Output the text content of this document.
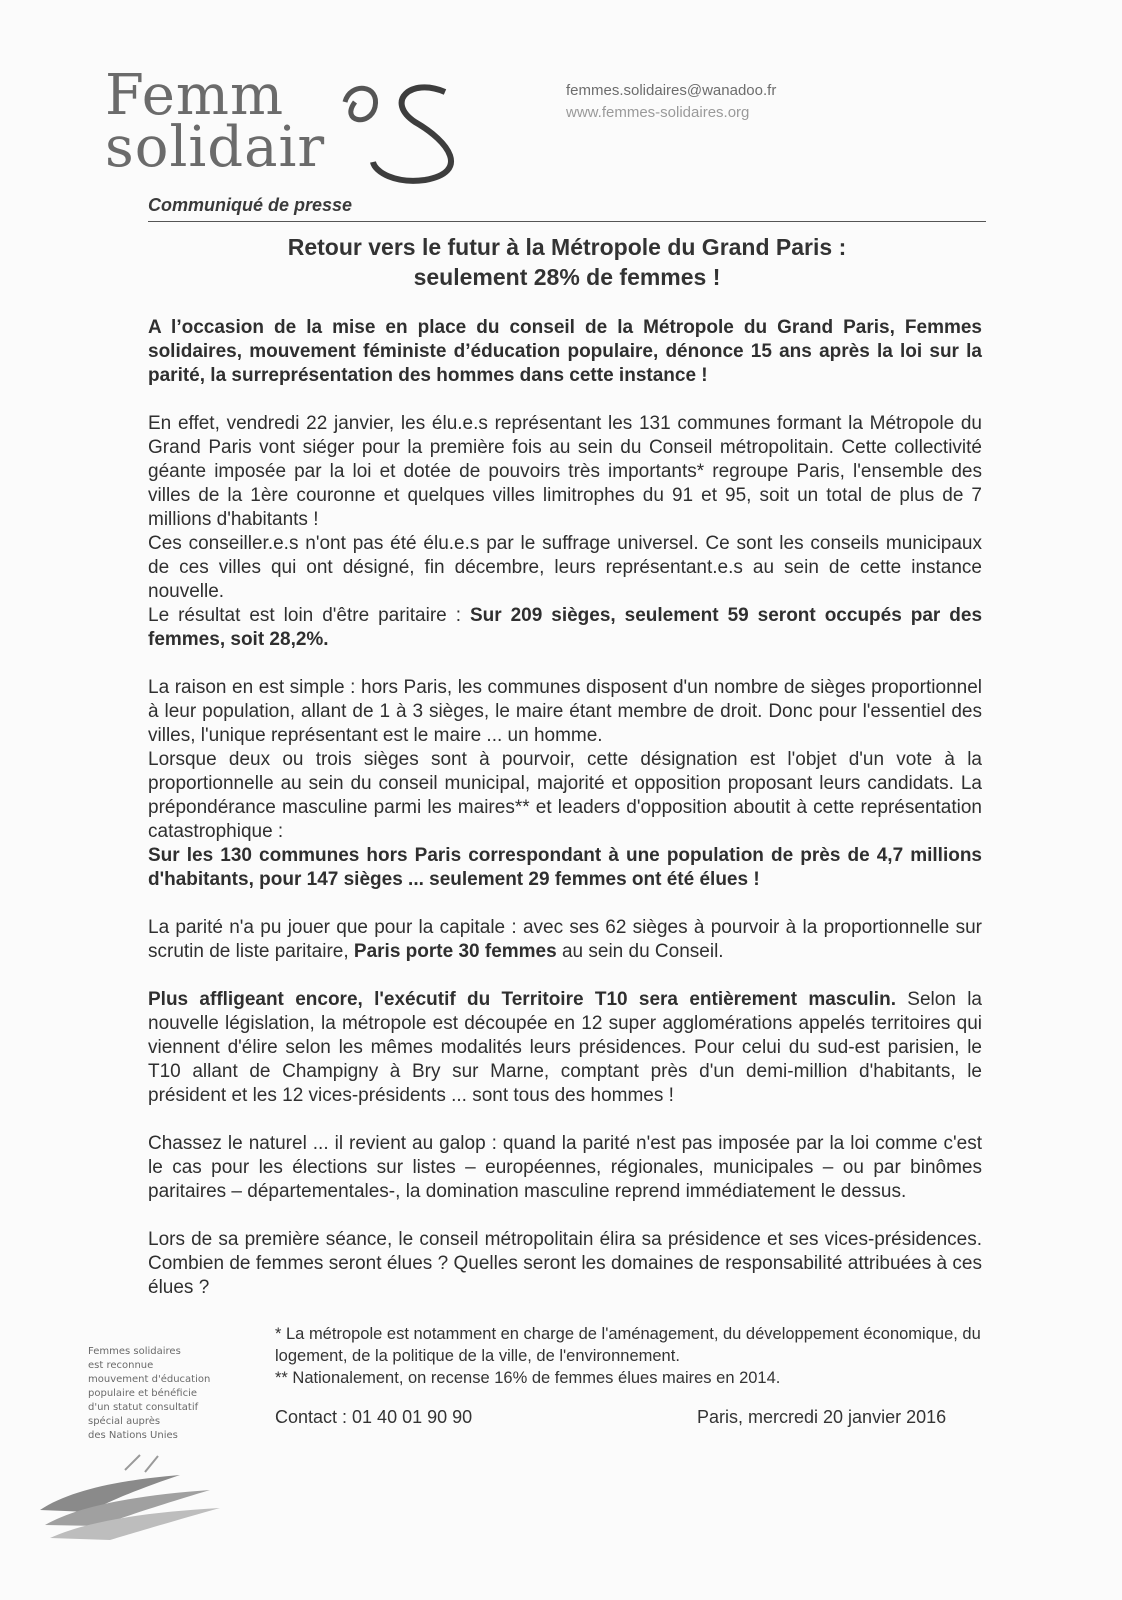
Femm
solidair
femmes.solidaires@wanadoo.fr
www.femmes-solidaires.org
Communiqué de presse
Retour vers le futur à la Métropole du Grand Paris :
seulement 28% de femmes !

A l’occasion de la mise en place du conseil de la Métropole du Grand Paris, Femmes solidaires, mouvement féministe d’éducation populaire, dénonce 15 ans après la loi sur la parité, la surreprésentation des hommes dans cette instance !

En effet, vendredi 22 janvier, les élu.e.s représentant les 131 communes formant la Métropole du Grand Paris vont siéger pour la première fois au sein du Conseil métropolitain. Cette collectivité géante imposée par la loi et dotée de pouvoirs très importants* regroupe Paris, l'ensemble des villes de la 1ère couronne et quelques villes limitrophes du 91 et 95, soit un total de plus de 7 millions d'habitants !

Ces conseiller.e.s n'ont pas été élu.e.s par le suffrage universel. Ce sont les conseils municipaux de ces villes qui ont désigné, fin décembre, leurs représentant.e.s au sein de cette instance nouvelle.

Le résultat est loin d'être paritaire : Sur 209 sièges, seulement 59 seront occupés par des femmes, soit 28,2%.

La raison en est simple : hors Paris, les communes disposent d'un nombre de sièges proportionnel à leur population, allant de 1 à 3 sièges, le maire étant membre de droit. Donc pour l'essentiel des villes, l'unique représentant est le maire ... un homme.

Lorsque deux ou trois sièges sont à pourvoir, cette désignation est l'objet d'un vote à la proportionnelle au sein du conseil municipal, majorité et opposition proposant leurs candidats. La prépondérance masculine parmi les maires** et leaders d'opposition aboutit à cette représentation catastrophique :

Sur les 130 communes hors Paris correspondant à une population de près de 4,7 millions d'habitants, pour 147 sièges ... seulement 29 femmes ont été élues !

La parité n'a pu jouer que pour la capitale : avec ses 62 sièges à pourvoir à la proportionnelle sur scrutin de liste paritaire, Paris porte 30 femmes au sein du Conseil.

Plus affligeant encore, l'exécutif du Territoire T10 sera entièrement masculin. Selon la nouvelle législation, la métropole est découpée en 12 super agglomérations appelés territoires qui viennent d'élire selon les mêmes modalités leurs présidences. Pour celui du sud-est parisien, le T10 allant de Champigny à Bry sur Marne, comptant près d'un demi-million d'habitants, le président et les 12 vices-présidents ... sont tous des hommes !

Chassez le naturel ... il revient au galop : quand la parité n'est pas imposée par la loi comme c'est le cas pour les élections sur listes – européennes, régionales, municipales – ou par binômes paritaires – départementales-, la domination masculine reprend immédiatement le dessus.

Lors de sa première séance, le conseil métropolitain élira sa présidence et ses vices-présidences. Combien de femmes seront élues ? Quelles seront les domaines de responsabilité attribuées à ces élues ?

* La métropole est notamment en charge de l'aménagement, du développement économique, du logement, de la politique de la ville, de l'environnement.

** Nationalement, on recense 16% de femmes élues maires en 2014.

Contact : 01 40 01 90 90	Paris, mercredi 20 janvier 2016
Femmes solidaires
est reconnue
mouvement d'éducation
populaire et bénéficie
d'un statut consultatif
spécial auprès
des Nations Unies
